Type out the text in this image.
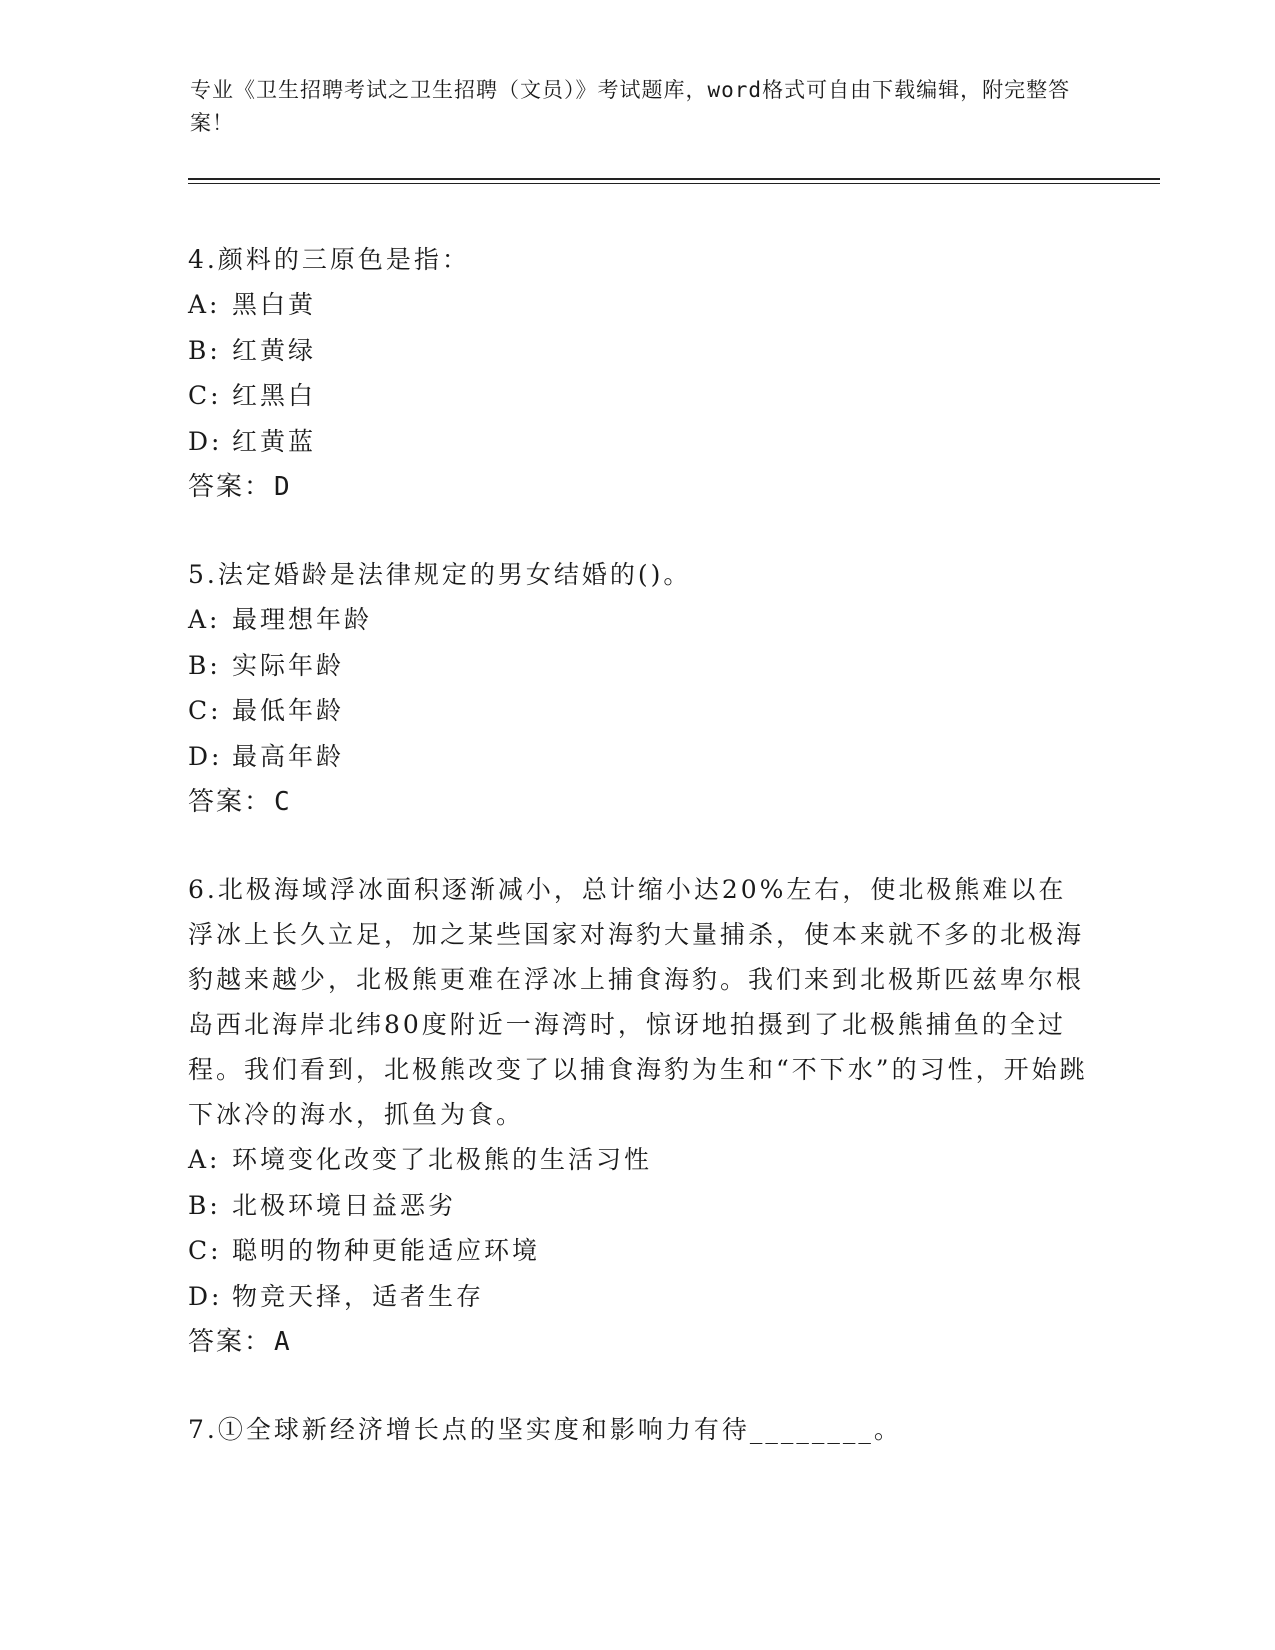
专业《卫生招聘考试之卫生招聘（文员）》考试题库，word格式可自由下载编辑，附完整答案！
4.颜料的三原色是指：
A: 黑白黄
B: 红黄绿
C: 红黑白
D: 红黄蓝
答案：D
5.法定婚龄是法律规定的男女结婚的()。
A: 最理想年龄
B: 实际年龄
C: 最低年龄
D: 最高年龄
答案：C
6.北极海域浮冰面积逐渐减小，总计缩小达20%左右，使北极熊难以在浮冰上长久立足，加之某些国家对海豹大量捕杀，使本来就不多的北极海豹越来越少，北极熊更难在浮冰上捕食海豹。我们来到北极斯匹兹卑尔根岛西北海岸北纬80度附近一海湾时，惊讶地拍摄到了北极熊捕鱼的全过程。我们看到，北极熊改变了以捕食海豹为生和“不下水”的习性，开始跳下冰冷的海水，抓鱼为食。
A: 环境变化改变了北极熊的生活习性
B: 北极环境日益恶劣
C: 聪明的物种更能适应环境
D: 物竞天择，适者生存
答案：A
7.①全球新经济增长点的坚实度和影响力有待________。
